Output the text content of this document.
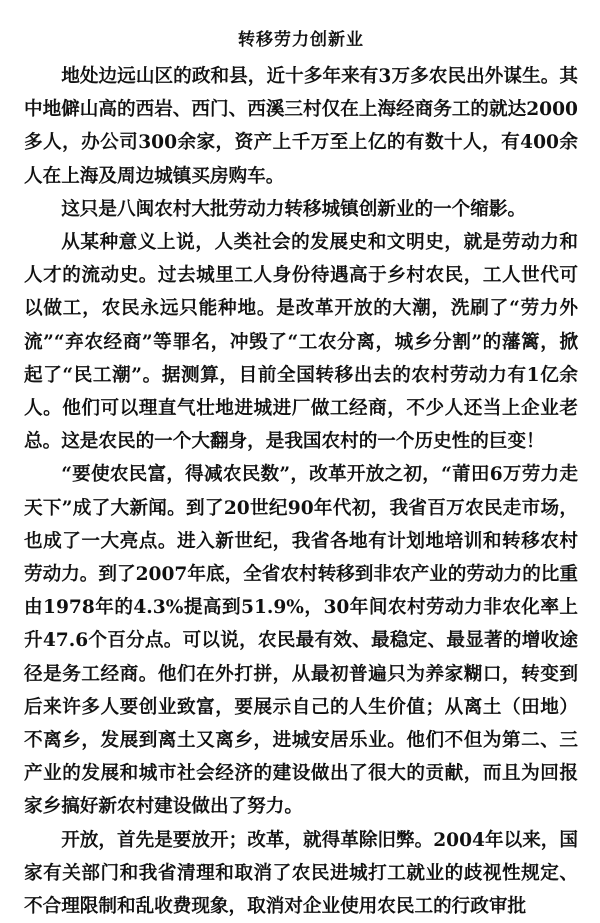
转移劳力创新业

地处边远山区的政和县，近十多年来有3万多农民出外谋生。其中地僻山高的西岩、西门、西溪三村仅在上海经商务工的就达2000多人，办公司300余家，资产上千万至上亿的有数十人，有400余人在上海及周边城镇买房购车。

这只是八闽农村大批劳动力转移城镇创新业的一个缩影。

从某种意义上说，人类社会的发展史和文明史，就是劳动力和人才的流动史。过去城里工人身份待遇高于乡村农民，工人世代可以做工，农民永远只能种地。是改革开放的大潮，洗刷了“劳力外流”“弃农经商”等罪名，冲毁了“工农分离，城乡分割”的藩篱，掀起了“民工潮”。据测算，目前全国转移出去的农村劳动力有1亿余人。他们可以理直气壮地进城进厂做工经商，不少人还当上企业老总。这是农民的一个大翻身，是我国农村的一个历史性的巨变！

“要使农民富，得减农民数”，改革开放之初，“莆田6万劳力走天下”成了大新闻。到了20世纪90年代初，我省百万农民走市场，也成了一大亮点。进入新世纪，我省各地有计划地培训和转移农村劳动力。到了2007年底，全省农村转移到非农产业的劳动力的比重由1978年的4.3%提高到51.9%，30年间农村劳动力非农化率上升47.6个百分点。可以说，农民最有效、最稳定、最显著的增收途径是务工经商。他们在外打拼，从最初普遍只为养家糊口，转变到后来许多人要创业致富，要展示自己的人生价值；从离土（田地）不离乡，发展到离土又离乡，进城安居乐业。他们不但为第二、三产业的发展和城市社会经济的建设做出了很大的贡献，而且为回报家乡搞好新农村建设做出了努力。

开放，首先是要放开；改革，就得革除旧弊。2004年以来，国家有关部门和我省清理和取消了农民进城打工就业的歧视性规定、不合理限制和乱收费现象，取消对企业使用农民工的行政审批
